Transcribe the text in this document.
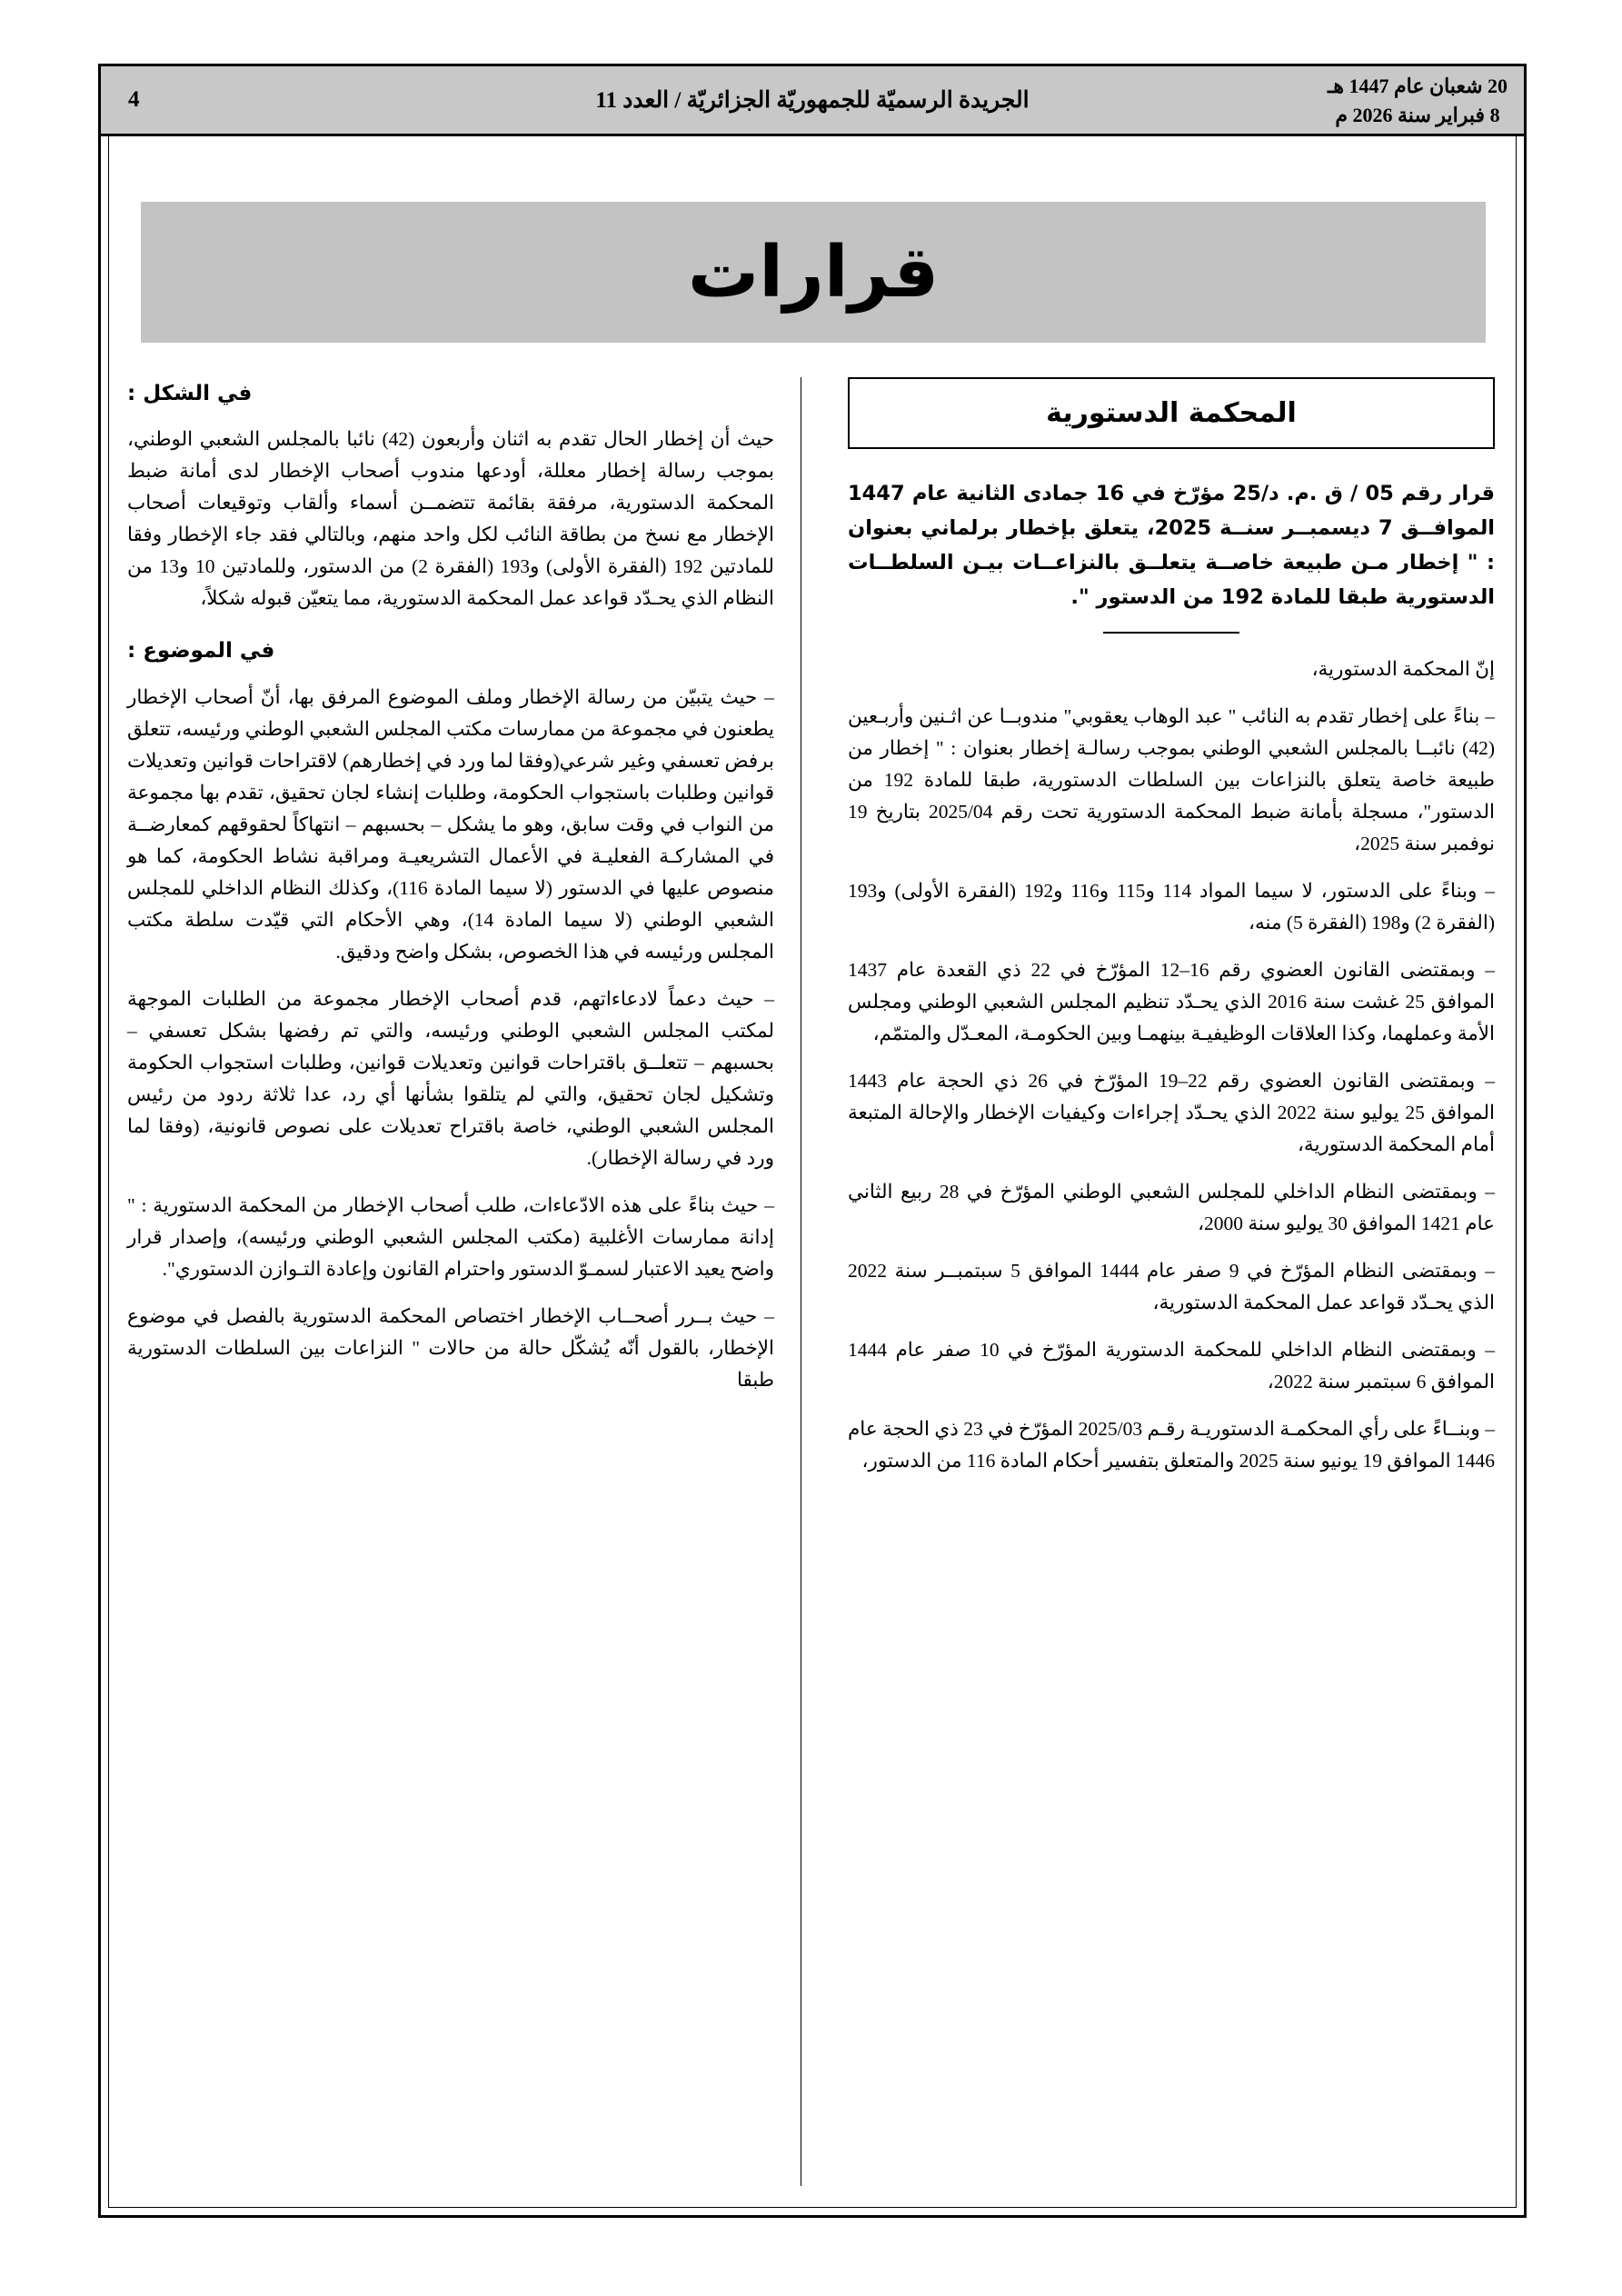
20 شعبان عام 1447 هـ
8 فبراير سنة 2026 م
الجريدة الرسميّة للجمهوريّة الجزائريّة / العدد 11
4
قرارات
المحكمة الدستورية
قرار رقم 05 / ق .م. د/25 مؤرّخ في 16 جمادى الثانية عام 1447 الموافــق 7 ديسمبــر سنــة 2025، يتعلق بإخطار برلماني بعنوان : " إخطار مـن طبيعة خاصــة يتعلــق بالنزاعــات بيـن السلطــات الدستورية طبقا للمادة 192 من الدستور ".

إنّ المحكمة الدستورية،

– بناءً على إخطار تقدم به النائب " عبد الوهاب يعقوبي" مندوبــا عن اثـنين وأربـعين (42) نائبــا بالمجلس الشعبي الوطني بموجب رسالـة إخطار بعنوان : " إخطار من طبيعة خاصة يتعلق بالنزاعات بين السلطات الدستورية، طبقا للمادة 192 من الدستور"، مسجلة بأمانة ضبط المحكمة الدستورية تحت رقم 2025/04 بتاريخ 19 نوفمبر سنة 2025،

– وبناءً على الدستور، لا سيما المواد 114 و115 و116 و192 (الفقرة الأولى) و193 (الفقرة 2) و198 (الفقرة 5) منه،

– وبمقتضى القانون العضوي رقم 16–12 المؤرّخ في 22 ذي القعدة عام 1437 الموافق 25 غشت سنة 2016 الذي يحـدّد تنظيم المجلس الشعبي الوطني ومجلس الأمة وعملهما، وكذا العلاقات الوظيفيـة بينهمـا وبين الحكومـة، المعـدّل والمتمّم،

– وبمقتضى القانون العضوي رقم 22–19 المؤرّخ في 26 ذي الحجة عام 1443 الموافق 25 يوليو سنة 2022 الذي يحـدّد إجراءات وكيفيات الإخطار والإحالة المتبعة أمام المحكمة الدستورية،

– وبمقتضى النظام الداخلي للمجلس الشعبي الوطني المؤرّخ في 28 ربيع الثاني عام 1421 الموافق 30 يوليو سنة 2000،

– وبمقتضى النظام المؤرّخ في 9 صفر عام 1444 الموافق 5 سبتمبــر سنة 2022 الذي يحـدّد قواعد عمل المحكمة الدستورية،

– وبمقتضى النظام الداخلي للمحكمة الدستورية المؤرّخ في 10 صفر عام 1444 الموافق 6 سبتمبر سنة 2022،

– وبنــاءً على رأي المحكمـة الدستوريـة رقـم 2025/03 المؤرّخ في 23 ذي الحجة عام 1446 الموافق 19 يونيو سنة 2025 والمتعلق بتفسير أحكام المادة 116 من الدستور،

في الشكل :

حيث أن إخطار الحال تقدم به اثنان وأربعون (42) نائبا بالمجلس الشعبي الوطني، بموجب رسالة إخطار معللة، أودعها مندوب أصحاب الإخطار لدى أمانة ضبط المحكمة الدستورية، مرفقة بقائمة تتضمــن أسماء وألقاب وتوقيعات أصحاب الإخطار مع نسخ من بطاقة النائب لكل واحد منهم، وبالتالي فقد جاء الإخطار وفقا للمادتين 192 (الفقرة الأولى) و193 (الفقرة 2) من الدستور، وللمادتين 10 و13 من النظام الذي يحـدّد قواعد عمل المحكمة الدستورية، مما يتعيّن قبوله شكلاً،

في الموضوع :

– حيث يتبيّن من رسالة الإخطار وملف الموضوع المرفق بها، أنّ أصحاب الإخطار يطعنون في مجموعة من ممارسات مكتب المجلس الشعبي الوطني ورئيسه، تتعلق برفض تعسفي وغير شرعي(وفقا لما ورد في إخطارهم) لاقتراحات قوانين وتعديلات قوانين وطلبات باستجواب الحكومة، وطلبات إنشاء لجان تحقيق، تقدم بها مجموعة من النواب في وقت سابق، وهو ما يشكل – بحسبهم – انتهاكاً لحقوقهم كمعارضــة في المشاركـة الفعليـة في الأعمال التشريعيـة ومراقبة نشاط الحكومة، كما هو منصوص عليها في الدستور (لا سيما المادة 116)، وكذلك النظام الداخلي للمجلس الشعبي الوطني (لا سيما المادة 14)، وهي الأحكام التي قيّدت سلطة مكتب المجلس ورئيسه في هذا الخصوص، بشكل واضح ودقيق.

– حيث دعماً لادعاءاتهم، قدم أصحاب الإخطار مجموعة من الطلبات الموجهة لمكتب المجلس الشعبي الوطني ورئيسه، والتي تم رفضها بشكل تعسفي – بحسبهم – تتعلــق باقتراحات قوانين وتعديلات قوانين، وطلبات استجواب الحكومة وتشكيل لجان تحقيق، والتي لم يتلقوا بشأنها أي رد، عدا ثلاثة ردود من رئيس المجلس الشعبي الوطني، خاصة باقتراح تعديلات على نصوص قانونية، (وفقا لما ورد في رسالة الإخطار).

– حيث بناءً على هذه الادّعاءات، طلب أصحاب الإخطار من المحكمة الدستورية : " إدانة ممارسات الأغلبية (مكتب المجلس الشعبي الوطني ورئيسه)، وإصدار قرار واضح يعيد الاعتبار لسمـوّ الدستور واحترام القانون وإعادة التـوازن الدستوري".

– حيث بــرر أصحــاب الإخطار اختصاص المحكمة الدستورية بالفصل في موضوع الإخطار، بالقول أنّه يُشكّل حالة من حالات " النزاعات بين السلطات الدستورية طبقا
